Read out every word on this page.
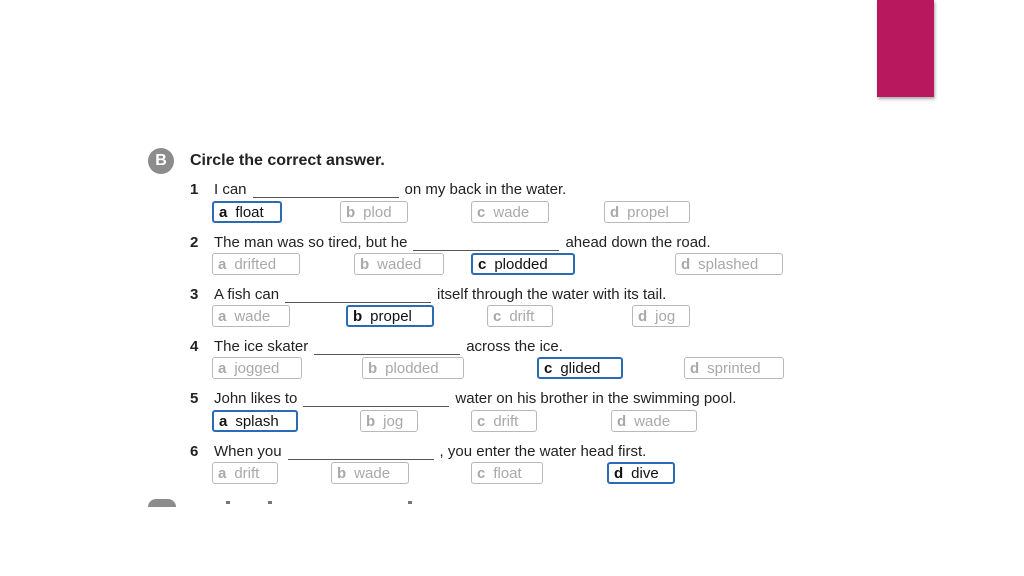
B	Circle the correct answer.
1	I can	on my back in the water.
a float	b plod	c wade	d propel
2	The man was so tired, but he	ahead down the road.
a drifted	b waded	c plodded	d splashed
3	A fish can	itself through the water with its tail.
a wade	b propel	c drift	d jog
4	The ice skater	across the ice.
a jogged	b plodded	c glided	d sprinted
5	John likes to	water on his brother in the swimming pool.
a splash	b jog	c drift	d wade
6	When you	, you enter the water head first.
a drift	b wade	c float	d dive
